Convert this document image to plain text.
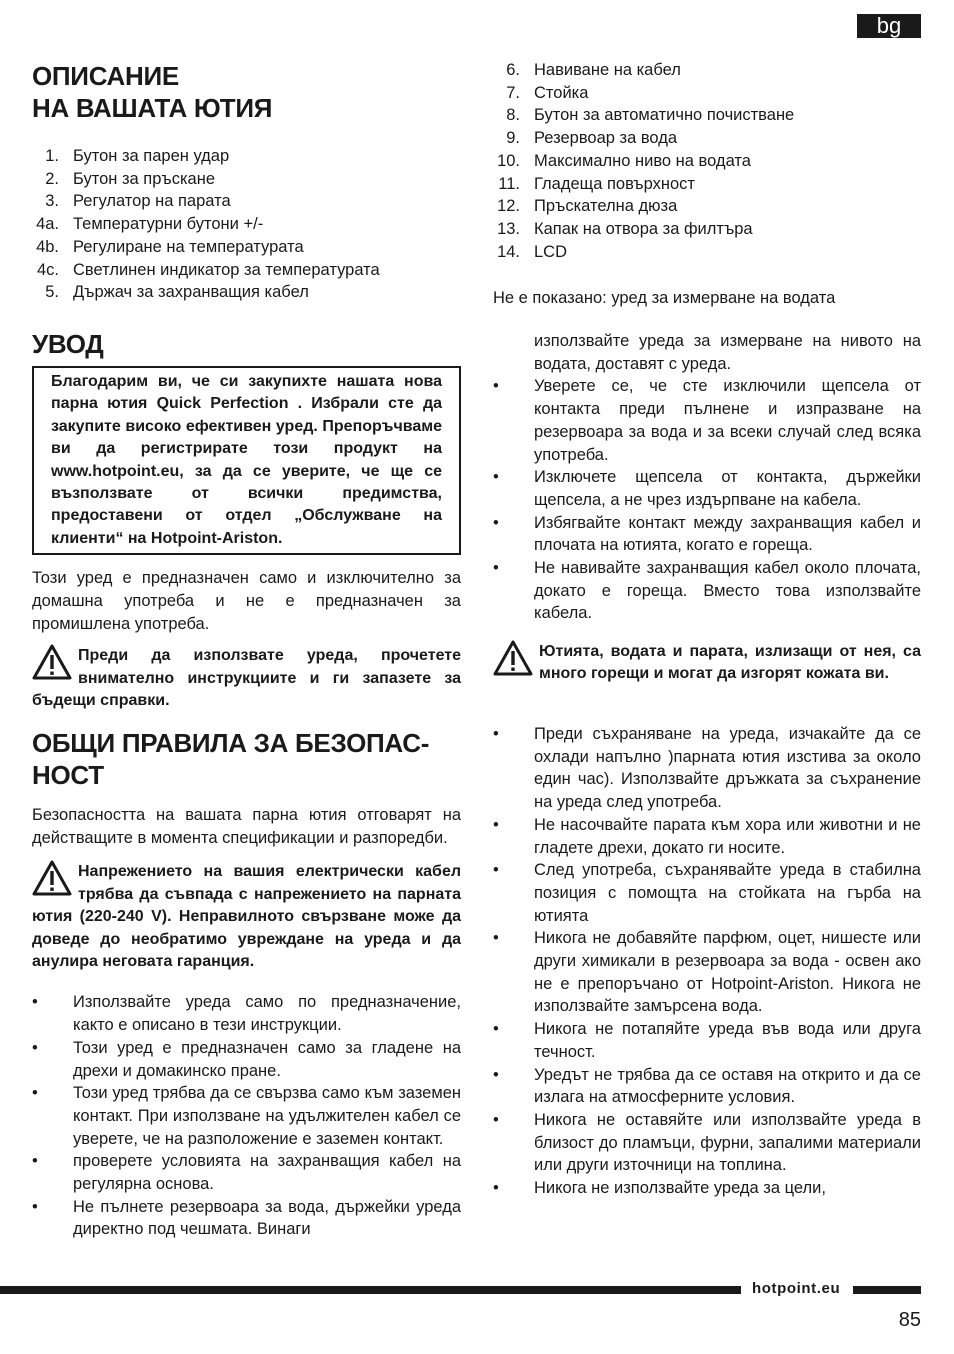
bg
ОПИСАНИЕ
НА ВАШАТА ЮТИЯ
1. Бутон за парен удар
2. Бутон за пръскане
3. Регулатор на парата
4a. Температурни бутони +/-
4b. Регулиране на температурата
4c. Светлинен индикатор за температурата
5. Държач за захранващия кабел
УВОД
Благодарим ви, че си закупихте нашата нова парна ютия Quick Perfection . Избрали сте да закупите високо ефективен уред. Препоръчваме ви да регистрирате този продукт на www.hotpoint.eu, за да се уверите, че ще се възползвате от всички предимства, предоставени от отдел „Обслужване на клиенти“ на Hotpoint-Ariston.

Този уред е предназначен само и изключително за домашна употреба и не е предназначен за промишлена употреба.

Преди да използвате уреда, прочетете внимателно инструкциите и ги запазете за бъдещи справки.
ОБЩИ ПРАВИЛА ЗА БЕЗОПАС-
НОСТ

Безопасността на вашата парна ютия отговарят на действащите в момента спецификации и разпоредби.

Напрежението на вашия електрически кабел трябва да съвпада с напрежението на парната ютия (220-240 V). Неправилното свързване може да доведе до необратимо увреждане на уреда и да анулира неговата гаранция.
• Използвайте уреда само по предназначение, както е описано в тези инструкции.
• Този уред е предназначен само за гладене на дрехи и домакинско пране.
• Този уред трябва да се свързва само към заземен контакт. При използване на удължителен кабел се уверете, че на разположение е заземен контакт.
• проверете условията на захранващия кабел на регулярна основа.
• Не пълнете резервоара за вода, държейки уреда директно под чешмата. Винаги
6. Навиване на кабел
7. Стойка
8. Бутон за автоматично почистване
9. Резервоар за вода
10. Максимално ниво на водата
11. Гладеща повърхност
12. Пръскателна дюза
13. Капак на отвора за филтъра
14. LCD

Не е показано: уред за измерване на водата

използвайте уреда за измерване на нивото на водата, доставят с уреда.
• Уверете се, че сте изключили щепсела от контакта преди пълнене и изпразване на резервоара за вода и за всеки случай след всяка употреба.
• Изключете щепсела от контакта, държейки щепсела, а не чрез издърпване на кабела.
• Избягвайте контакт между захранващия кабел и плочата на ютията, когато е гореща.
• Не навивайте захранващия кабел около плочата, докато е гореща. Вместо това използвайте кабела.
Ютията, водата и парата, излизащи от нея, са много горещи и могат да изгорят кожата ви.
• Преди съхраняване на уреда, изчакайте да се охлади напълно )парната ютия изстива за около един час). Използвайте дръжката за съхранение на уреда след употреба.
• Не насочвайте парата към хора или животни и не гладете дрехи, докато ги носите.
• След употреба, съхранявайте уреда в стабилна позиция с помощта на стойката на гърба на ютията
• Никога не добавяйте парфюм, оцет, нишесте или други химикали в резервоара за вода - освен ако не е препоръчано от Hotpoint-Ariston. Никога не използвайте замърсена вода.
• Никога не потапяйте уреда във вода или друга течност.
• Уредът не трябва да се оставя на открито и да се излага на атмосферните условия.
• Никога не оставяйте или използвайте уреда в близост до пламъци, фурни, запалими материали или други източници на топлина.
• Никога не използвайте уреда за цели,
hotpoint.eu
85
